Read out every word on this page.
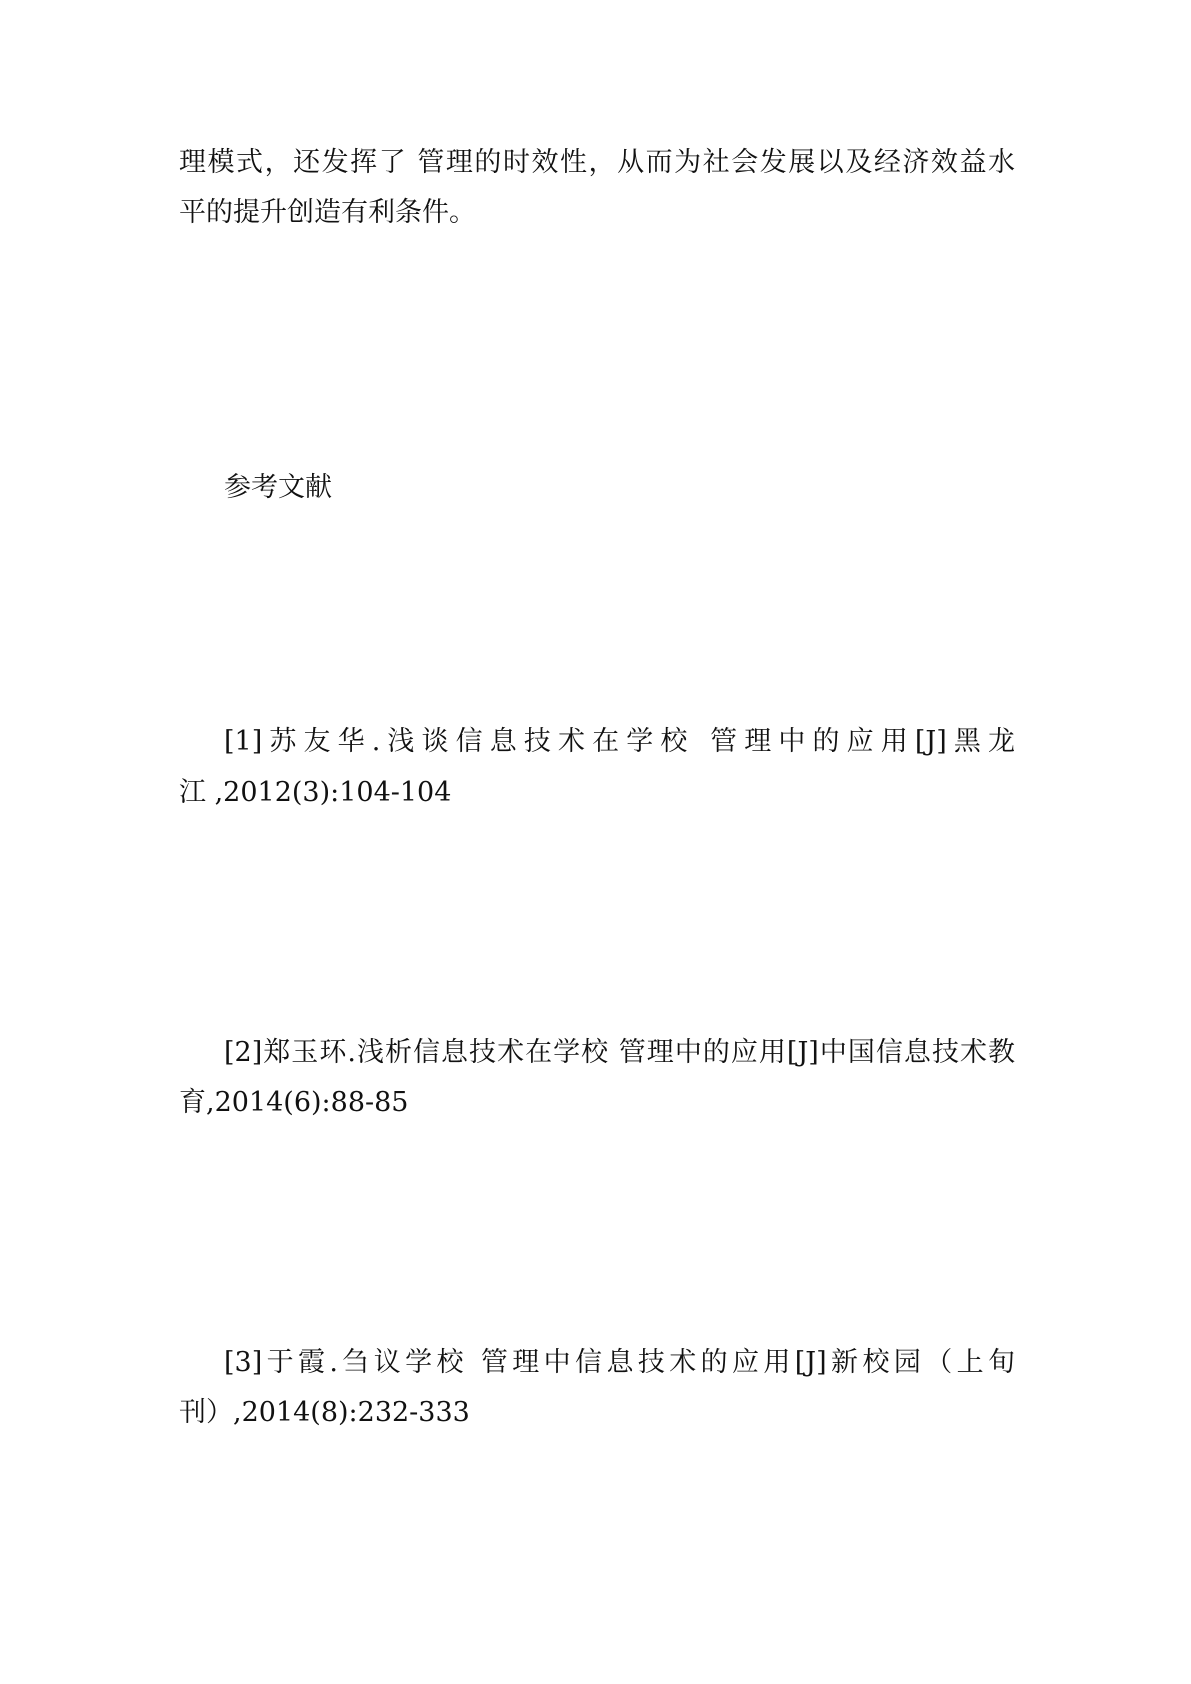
理模式，还发挥了 管理的时效性，从而为社会发展以及经济效益水
平的提升创造有利条件。
参考文献
[1]苏友华.浅谈信息技术在学校 管理中的应用[J]黑龙
江 ,2012(3):104-104
[2]郑玉环.浅析信息技术在学校 管理中的应用[J]中国信息技术教
育,2014(6):88-85
[3]于霞.刍议学校 管理中信息技术的应用[J]新校园（上旬
刊）,2014(8):232-333
